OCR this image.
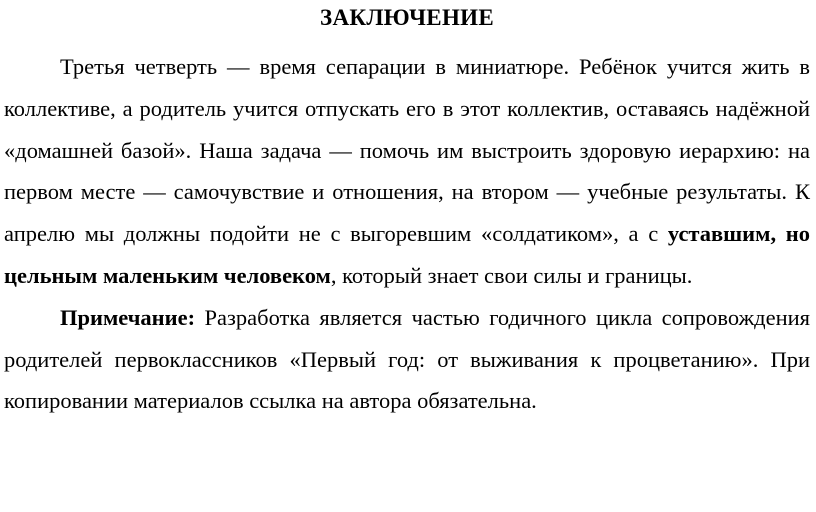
ЗАКЛЮЧЕНИЕ

Третья четверть — время сепарации в миниатюре. Ребёнок учится жить в коллективе, а родитель учится отпускать его в этот коллектив, оставаясь надёжной «домашней базой». Наша задача — помочь им выстроить здоровую иерархию: на первом месте — самочувствие и отношения, на втором — учебные результаты. К апрелю мы должны подойти не с выгоревшим «солдатиком», а с уставшим, но цельным маленьким человеком, который знает свои силы и границы.

Примечание: Разработка является частью годичного цикла сопровождения родителей первоклассников «Первый год: от выживания к процветанию». При копировании материалов ссылка на автора обязательна.
